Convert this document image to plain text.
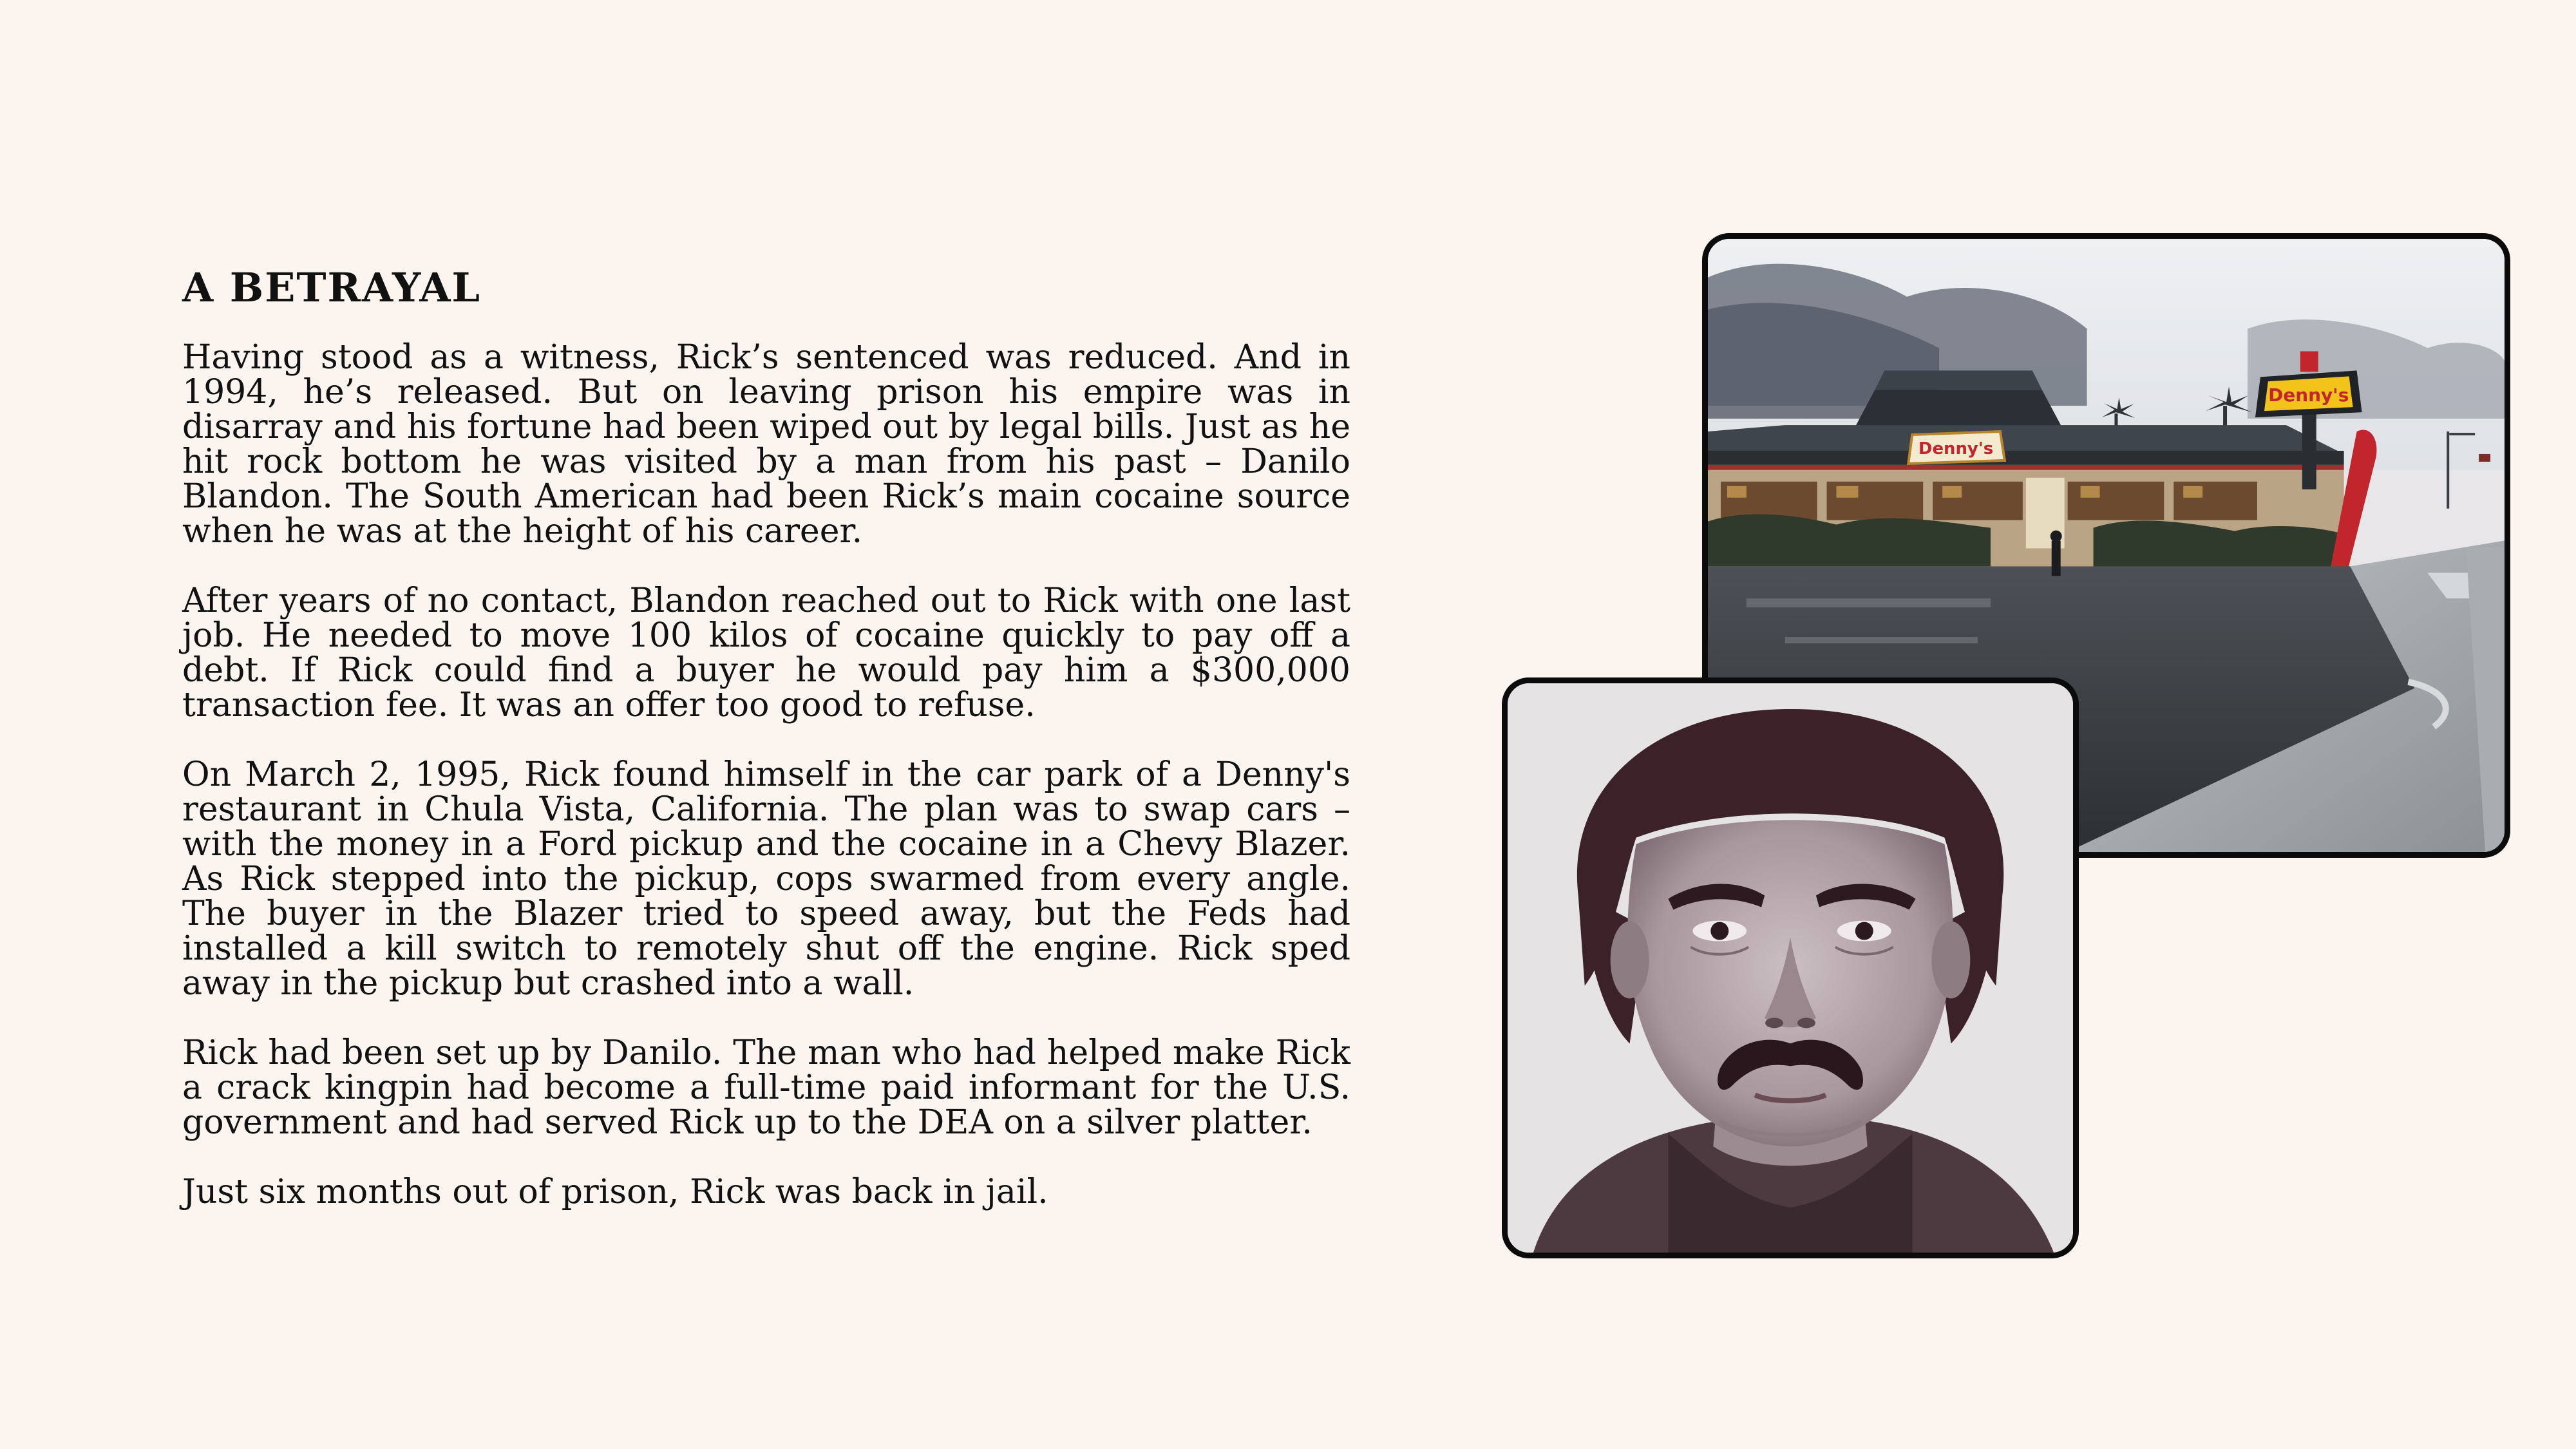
A BETRAYAL

Having stood as a witness, Rick’s sentenced was reduced. And in 1994, he’s released. But on leaving prison his empire was in disarray and his fortune had been wiped out by legal bills. Just as he hit rock bottom he was visited by a man from his past – Danilo Blandon. The South American had been Rick’s main cocaine source when he was at the height of his career.

After years of no contact, Blandon reached out to Rick with one last job. He needed to move 100 kilos of cocaine quickly to pay off a debt. If Rick could find a buyer he would pay him a $300,000 transaction fee. It was an offer too good to refuse.

On March 2, 1995, Rick found himself in the car park of a Denny's restaurant in Chula Vista, California. The plan was to swap cars – with the money in a Ford pickup and the cocaine in a Chevy Blazer. As Rick stepped into the pickup, cops swarmed from every angle. The buyer in the Blazer tried to speed away, but the Feds had installed a kill switch to remotely shut off the engine. Rick sped away in the pickup but crashed into a wall.

Rick had been set up by Danilo. The man who had helped make Rick a crack kingpin had become a full-time paid informant for the U.S. government and had served Rick up to the DEA on a silver platter.

Just six months out of prison, Rick was back in jail.

Denny's
Denny's
